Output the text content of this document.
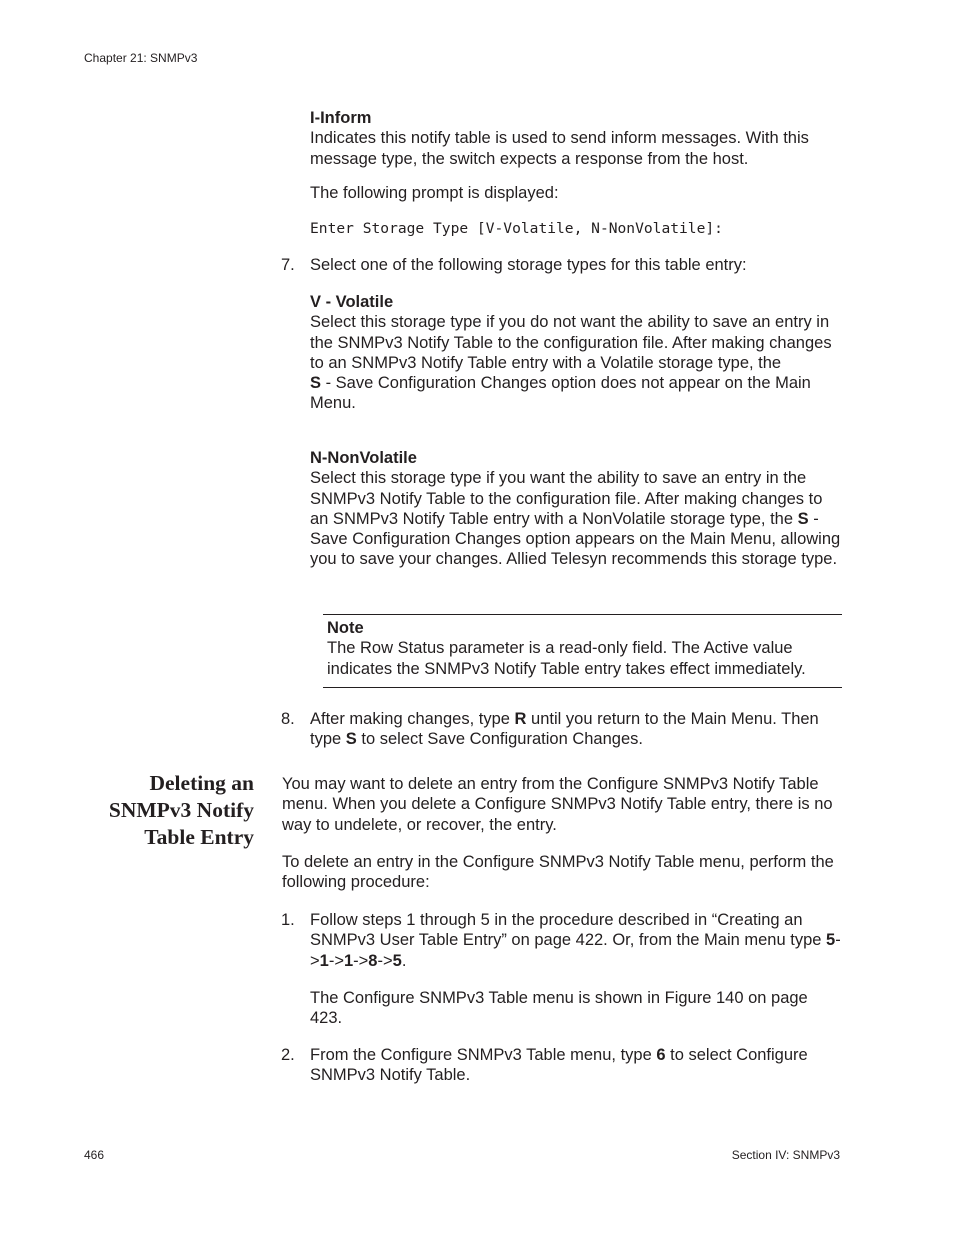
Chapter 21: SNMPv3

I-Inform

Indicates this notify table is used to send inform messages. With this message type, the switch expects a response from the host.

The following prompt is displayed:

Enter Storage Type [V-Volatile, N-NonVolatile]:

7. Select one of the following storage types for this table entry:

V - Volatile

Select this storage type if you do not want the ability to save an entry in the SNMPv3 Notify Table to the configuration file. After making changes to an SNMPv3 Notify Table entry with a Volatile storage type, the

S - Save Configuration Changes option does not appear on the Main Menu.

N-NonVolatile

Select this storage type if you want the ability to save an entry in the SNMPv3 Notify Table to the configuration file. After making changes to an SNMPv3 Notify Table entry with a NonVolatile storage type, the S - Save Configuration Changes option appears on the Main Menu, allowing you to save your changes. Allied Telesyn recommends this storage type.

Note

The Row Status parameter is a read-only field. The Active value indicates the SNMPv3 Notify Table entry takes effect immediately.

8. After making changes, type R until you return to the Main Menu. Then type S to select Save Configuration Changes.

Deleting an
SNMPv3 Notify
Table Entry

You may want to delete an entry from the Configure SNMPv3 Notify Table menu. When you delete a Configure SNMPv3 Notify Table entry, there is no way to undelete, or recover, the entry.

To delete an entry in the Configure SNMPv3 Notify Table menu, perform the following procedure:

1. Follow steps 1 through 5 in the procedure described in “Creating an SNMPv3 User Table Entry” on page 422. Or, from the Main menu type 5->1->1->8->5.

The Configure SNMPv3 Table menu is shown in Figure 140 on page 423.

2. From the Configure SNMPv3 Table menu, type 6 to select Configure SNMPv3 Notify Table.

466	Section IV: SNMPv3
